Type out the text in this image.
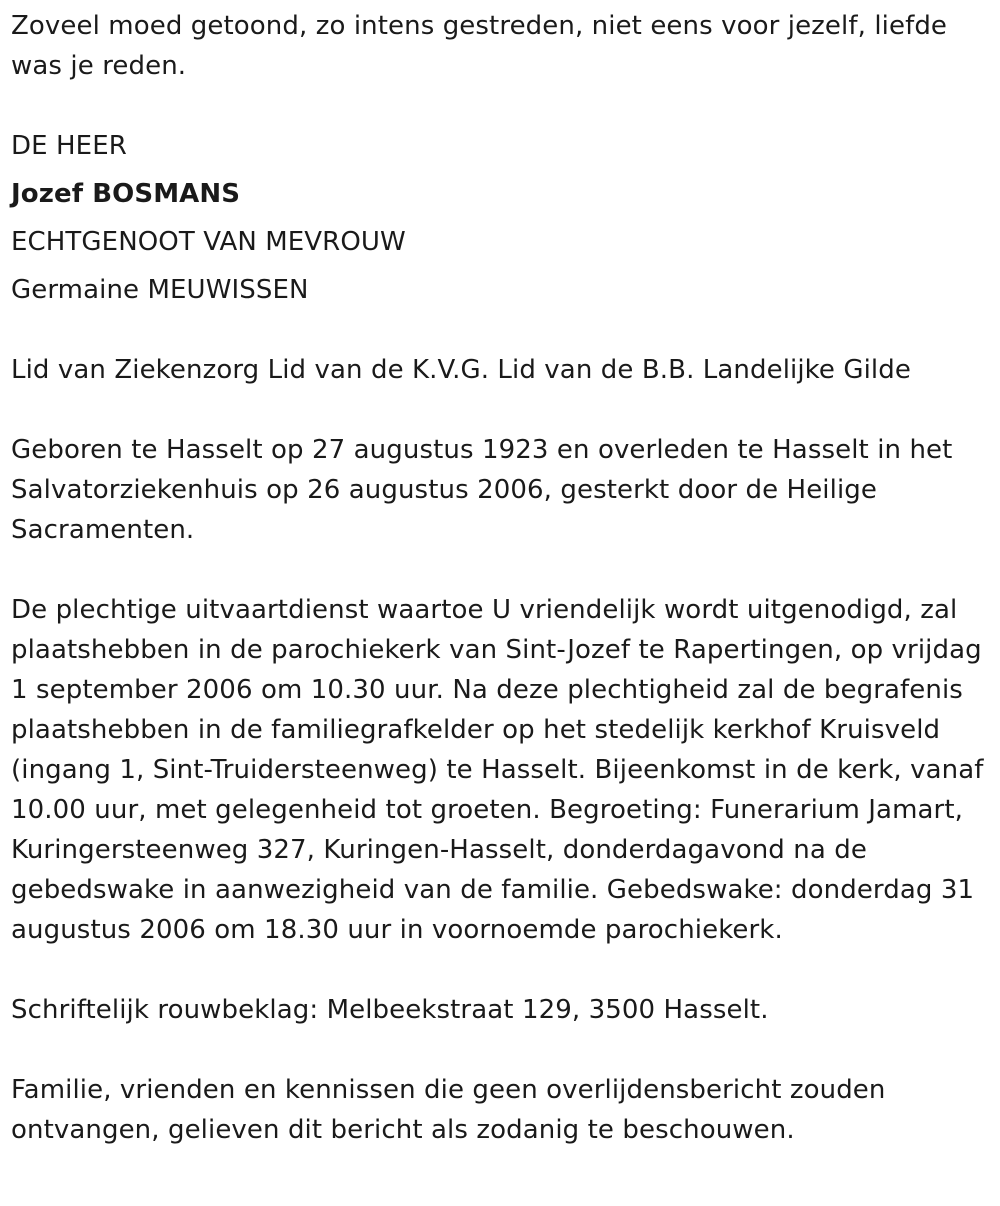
Zoveel moed getoond, zo intens gestreden, niet eens voor jezelf, liefde was je reden.

DE HEER

Jozef BOSMANS

ECHTGENOOT VAN MEVROUW

Germaine MEUWISSEN

Lid van Ziekenzorg Lid van de K.V.G. Lid van de B.B. Landelijke Gilde

Geboren te Hasselt op 27 augustus 1923 en overleden te Hasselt in het Salvatorziekenhuis op 26 augustus 2006, gesterkt door de Heilige Sacramenten.

De plechtige uitvaartdienst waartoe U vriendelijk wordt uitgenodigd, zal plaatshebben in de parochiekerk van Sint-Jozef te Rapertingen, op vrijdag 1 september 2006 om 10.30 uur. Na deze plechtigheid zal de begrafenis plaatshebben in de familiegrafkelder op het stedelijk kerkhof Kruisveld (ingang 1, Sint-Truidersteenweg) te Hasselt. Bijeenkomst in de kerk, vanaf 10.00 uur, met gelegenheid tot groeten. Begroeting: Funerarium Jamart, Kuringersteenweg 327, Kuringen-Hasselt, donderdagavond na de gebedswake in aanwezigheid van de familie. Gebedswake: donderdag 31 augustus 2006 om 18.30 uur in voornoemde parochiekerk.

Schriftelijk rouwbeklag: Melbeekstraat 129, 3500 Hasselt.

Familie, vrienden en kennissen die geen overlijdensbericht zouden ontvangen, gelieven dit bericht als zodanig te beschouwen.
